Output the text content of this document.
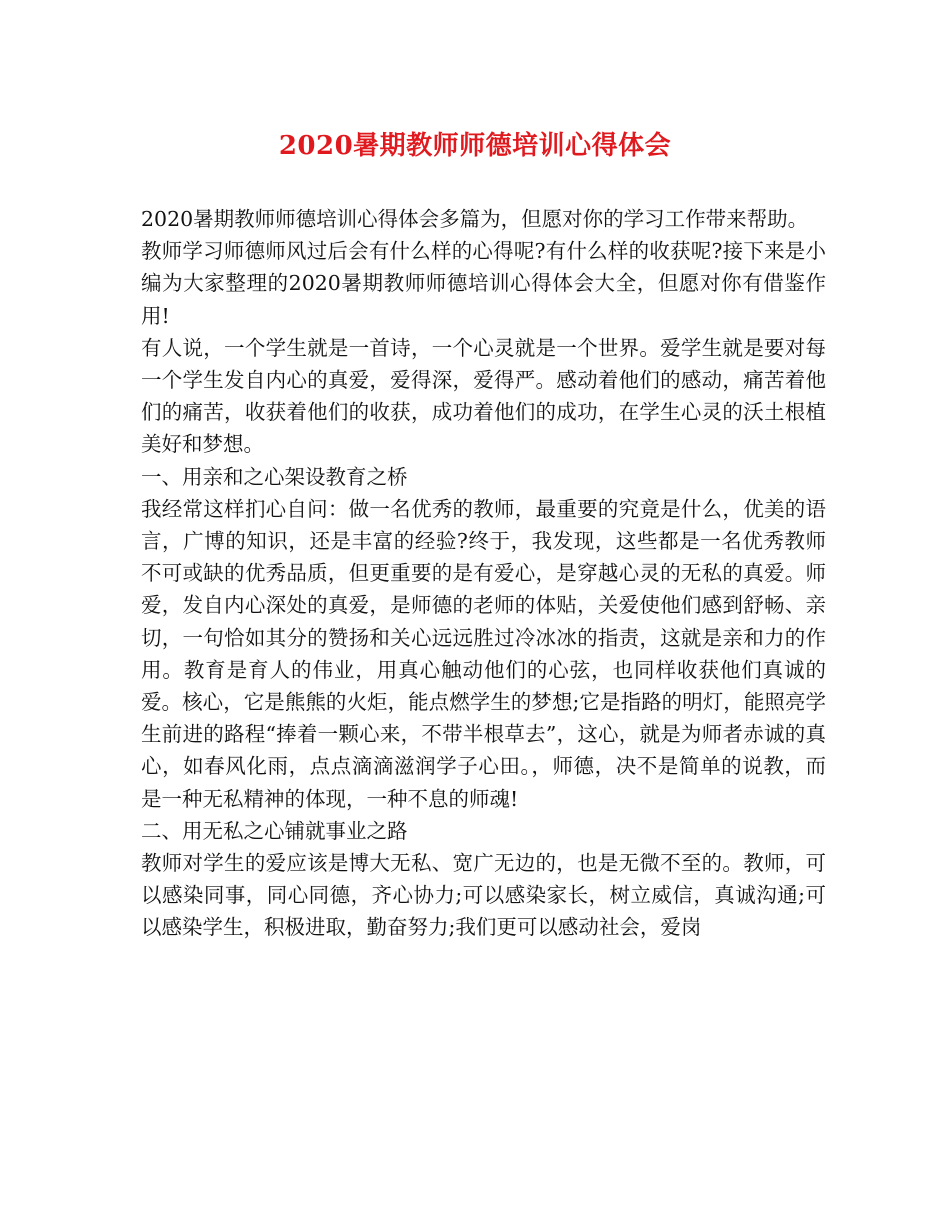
2020暑期教师师德培训心得体会

2020暑期教师师德培训心得体会多篇为，但愿对你的学习工作带来帮助。

教师学习师德师风过后会有什么样的心得呢?有什么样的收获呢?接下来是小编为大家整理的2020暑期教师师德培训心得体会大全，但愿对你有借鉴作用!

有人说，一个学生就是一首诗，一个心灵就是一个世界。爱学生就是要对每一个学生发自内心的真爱，爱得深，爱得严。感动着他们的感动，痛苦着他们的痛苦，收获着他们的收获，成功着他们的成功，在学生心灵的沃土根植美好和梦想。

一、用亲和之心架设教育之桥

我经常这样扪心自问：做一名优秀的教师，最重要的究竟是什么，优美的语言，广博的知识，还是丰富的经验?终于，我发现，这些都是一名优秀教师不可或缺的优秀品质，但更重要的是有爱心，是穿越心灵的无私的真爱。师爱，发自内心深处的真爱，是师德的老师的体贴，关爱使他们感到舒畅、亲切，一句恰如其分的赞扬和关心远远胜过冷冰冰的指责，这就是亲和力的作用。教育是育人的伟业，用真心触动他们的心弦，也同样收获他们真诚的爱。核心，它是熊熊的火炬，能点燃学生的梦想;它是指路的明灯，能照亮学生前进的路程“捧着一颗心来，不带半根草去”，这心，就是为师者赤诚的真心，如春风化雨，点点滴滴滋润学子心田。，师德，决不是简单的说教，而是一种无私精神的体现，一种不息的师魂!

二、用无私之心铺就事业之路

教师对学生的爱应该是博大无私、宽广无边的，也是无微不至的。教师，可以感染同事，同心同德，齐心协力;可以感染家长，树立威信，真诚沟通;可以感染学生，积极进取，勤奋努力;我们更可以感动社会，爱岗
